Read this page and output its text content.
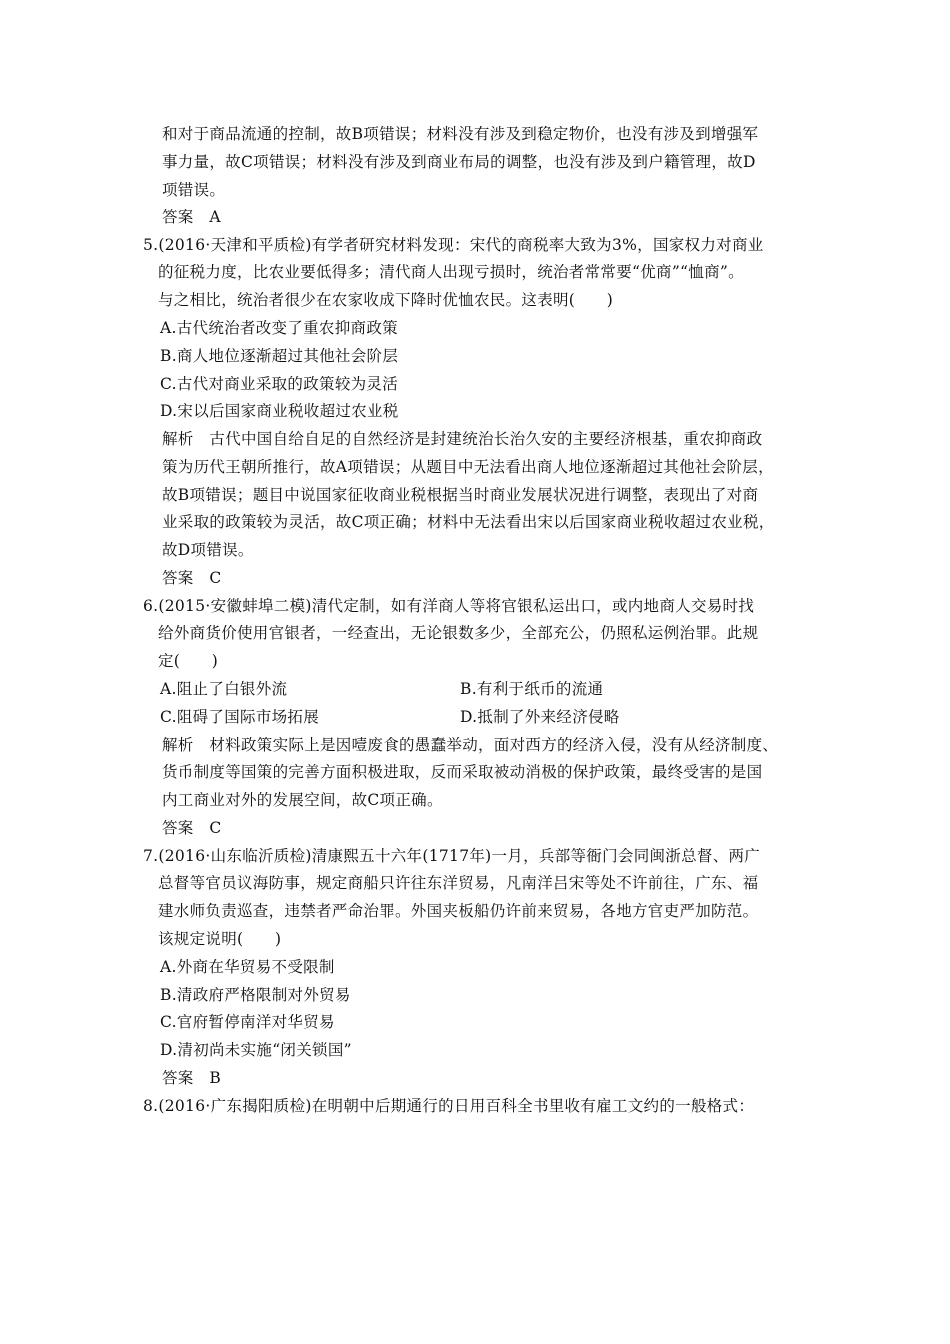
和对于商品流通的控制，故B项错误；材料没有涉及到稳定物价，也没有涉及到增强军
事力量，故C项错误；材料没有涉及到商业布局的调整，也没有涉及到户籍管理，故D
项错误。
答案　A
5.(2016·天津和平质检)有学者研究材料发现：宋代的商税率大致为3%，国家权力对商业
的征税力度，比农业要低得多；清代商人出现亏损时，统治者常常要“优商”“恤商”。
与之相比，统治者很少在农家收成下降时优恤农民。这表明(　　)
A.古代统治者改变了重农抑商政策
B.商人地位逐渐超过其他社会阶层
C.古代对商业采取的政策较为灵活
D.宋以后国家商业税收超过农业税
解析　古代中国自给自足的自然经济是封建统治长治久安的主要经济根基，重农抑商政
策为历代王朝所推行，故A项错误；从题目中无法看出商人地位逐渐超过其他社会阶层，
故B项错误；题目中说国家征收商业税根据当时商业发展状况进行调整，表现出了对商
业采取的政策较为灵活，故C项正确；材料中无法看出宋以后国家商业税收超过农业税，
故D项错误。
答案　C
6.(2015·安徽蚌埠二模)清代定制，如有洋商人等将官银私运出口，或内地商人交易时找
给外商货价使用官银者，一经查出，无论银数多少，全部充公，仍照私运例治罪。此规
定(　　)
A.阻止了白银外流	B.有利于纸币的流通
C.阻碍了国际市场拓展	D.抵制了外来经济侵略
解析　材料政策实际上是因噎废食的愚蠢举动，面对西方的经济入侵，没有从经济制度、
货币制度等国策的完善方面积极进取，反而采取被动消极的保护政策，最终受害的是国
内工商业对外的发展空间，故C项正确。
答案　C
7.(2016·山东临沂质检)清康熙五十六年(1717年)一月，兵部等衙门会同闽浙总督、两广
总督等官员议海防事，规定商船只许往东洋贸易，凡南洋吕宋等处不许前往，广东、福
建水师负责巡查，违禁者严命治罪。外国夹板船仍许前来贸易，各地方官吏严加防范。
该规定说明(　　)
A.外商在华贸易不受限制
B.清政府严格限制对外贸易
C.官府暂停南洋对华贸易
D.清初尚未实施“闭关锁国”
答案　B
8.(2016·广东揭阳质检)在明朝中后期通行的日用百科全书里收有雇工文约的一般格式：
